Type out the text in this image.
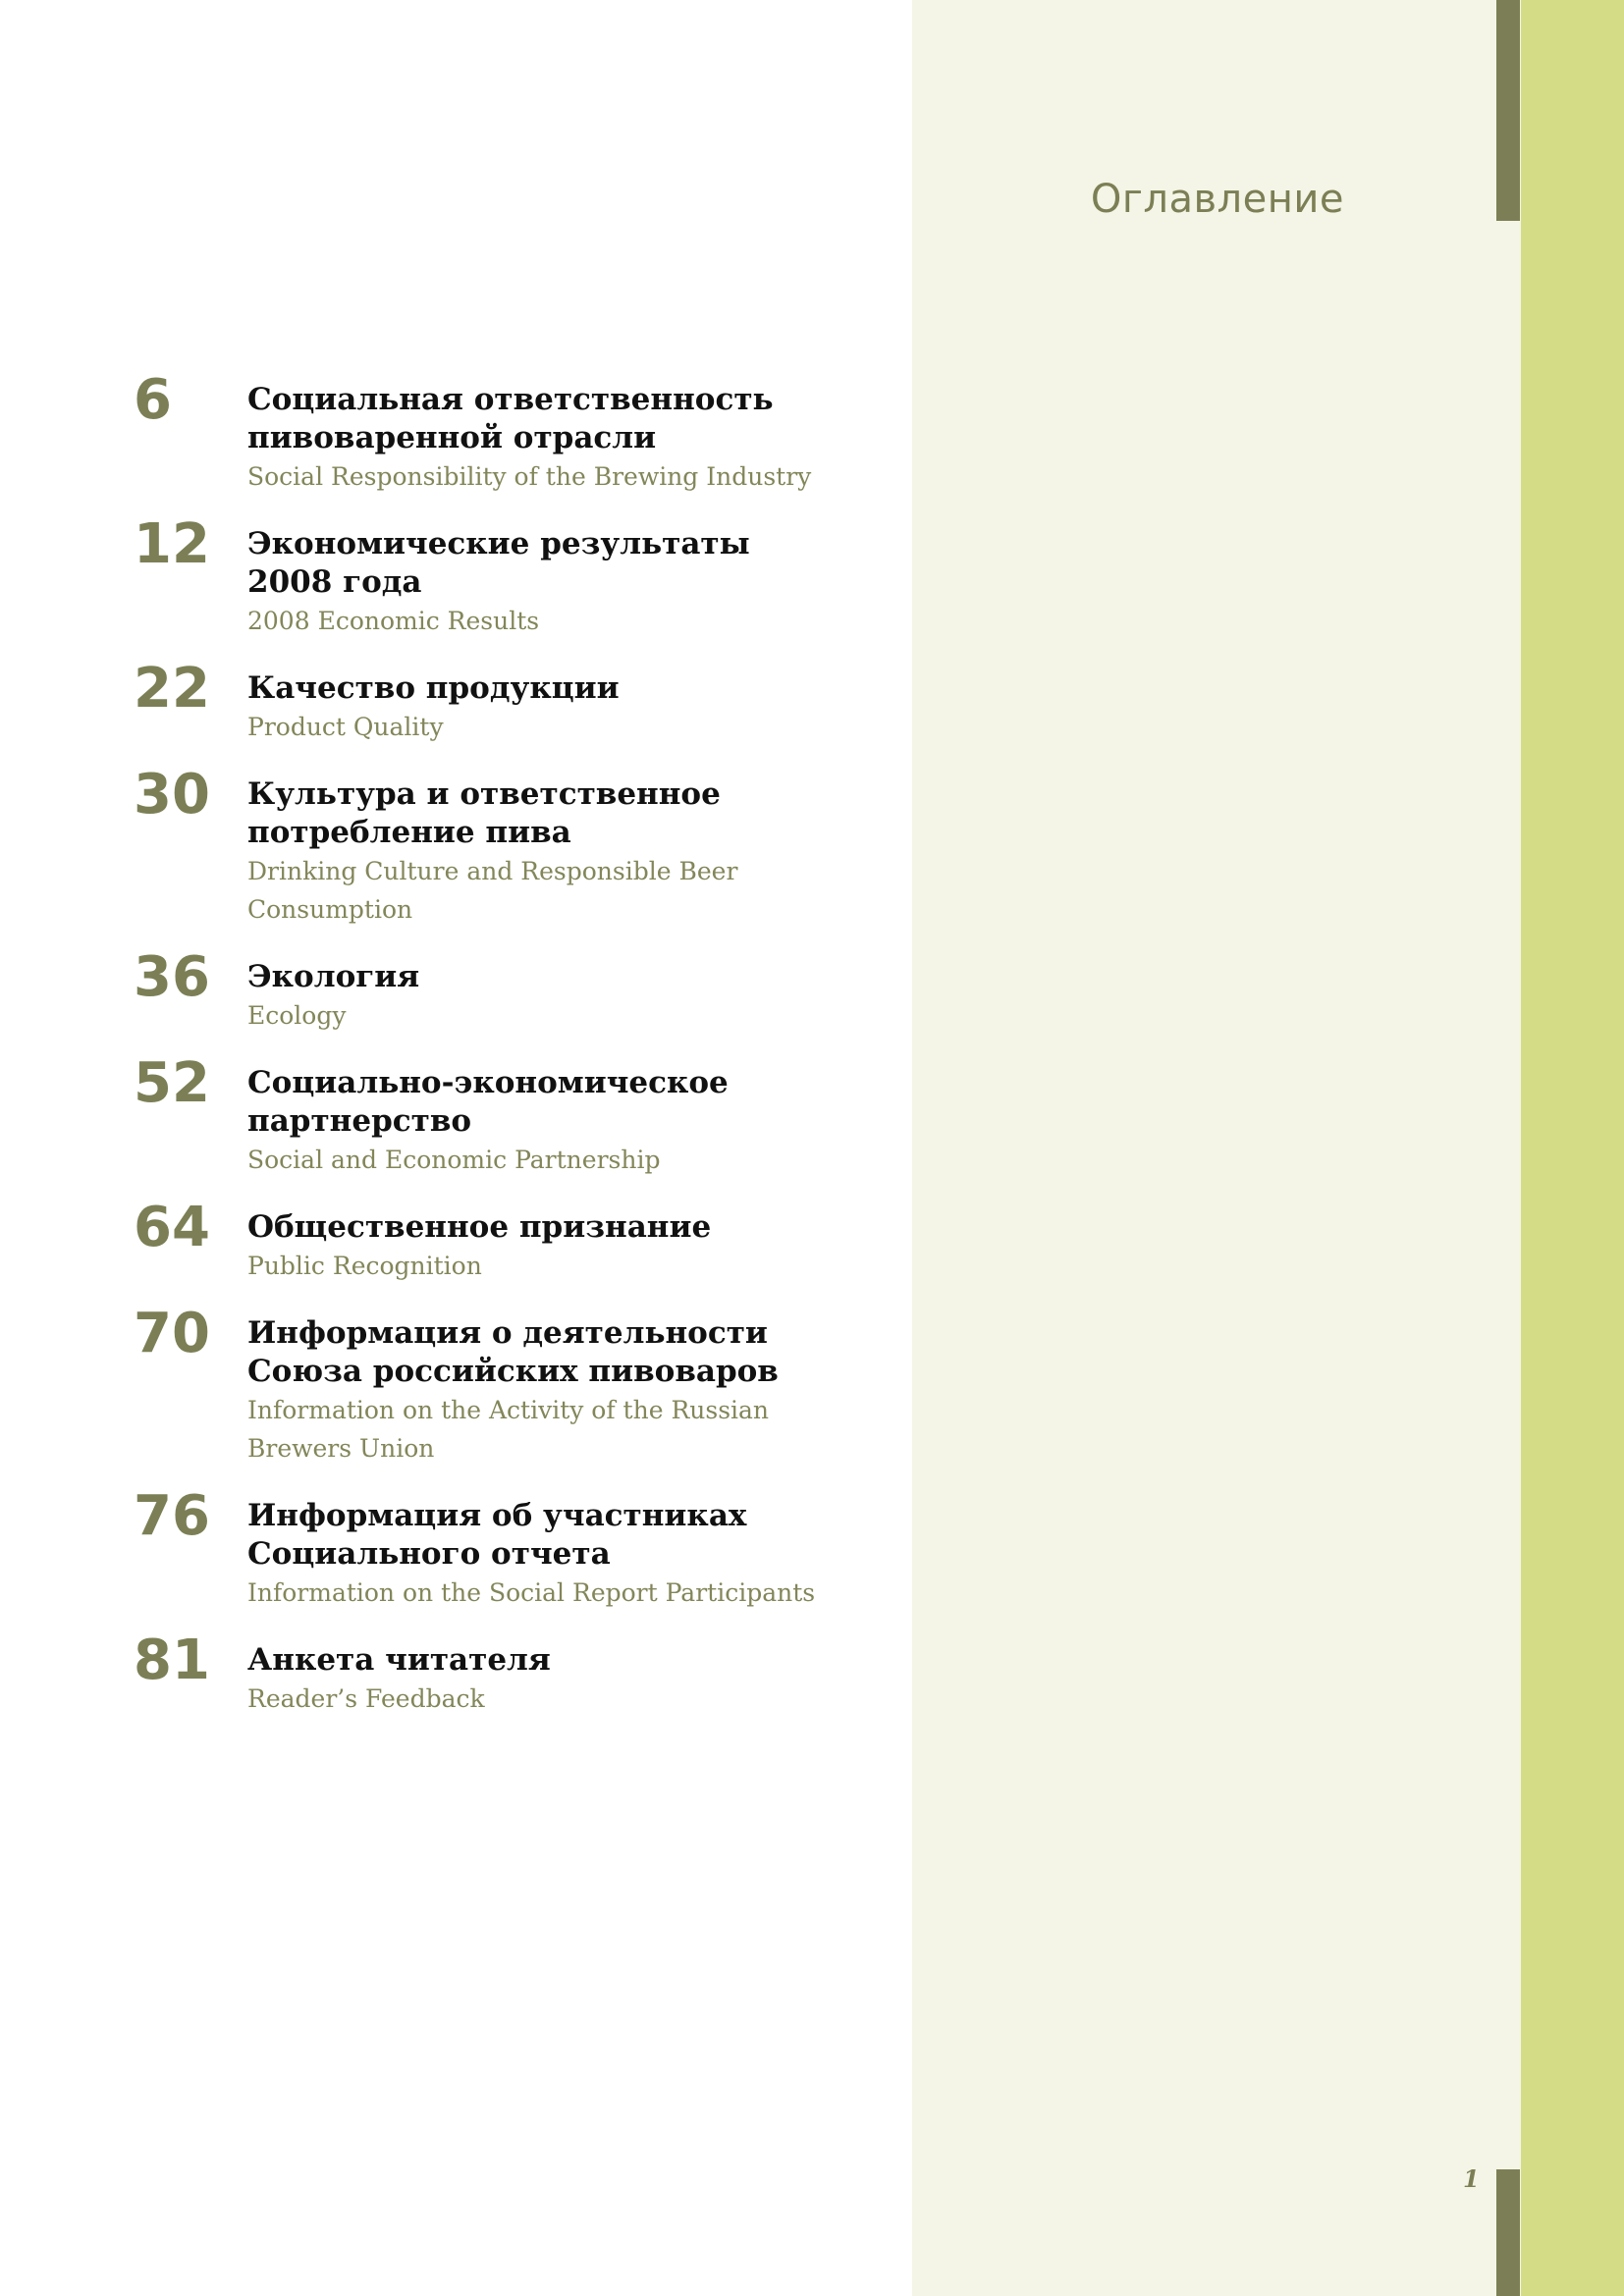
Оглавление
6 Социальная ответственность
пивоваренной отрасли
Social Responsibility of the Brewing Industry
12 Экономические результаты
2008 года
2008 Economic Results
22 Качество продукции
Product Quality
30 Культура и ответственное
потребление пива
Drinking Culture and Responsible Beer
Consumption
36 Экология
Ecology
52 Социально-экономическое
партнерство
Social and Economic Partnership
64 Общественное признание
Public Recognition
70 Информация о деятельности
Союза российских пивоваров
Information on the Activity of the Russian
Brewers Union
76 Информация об участниках
Социального отчета
Information on the Social Report Participants
81 Анкета читателя
Reader’s Feedback
1
